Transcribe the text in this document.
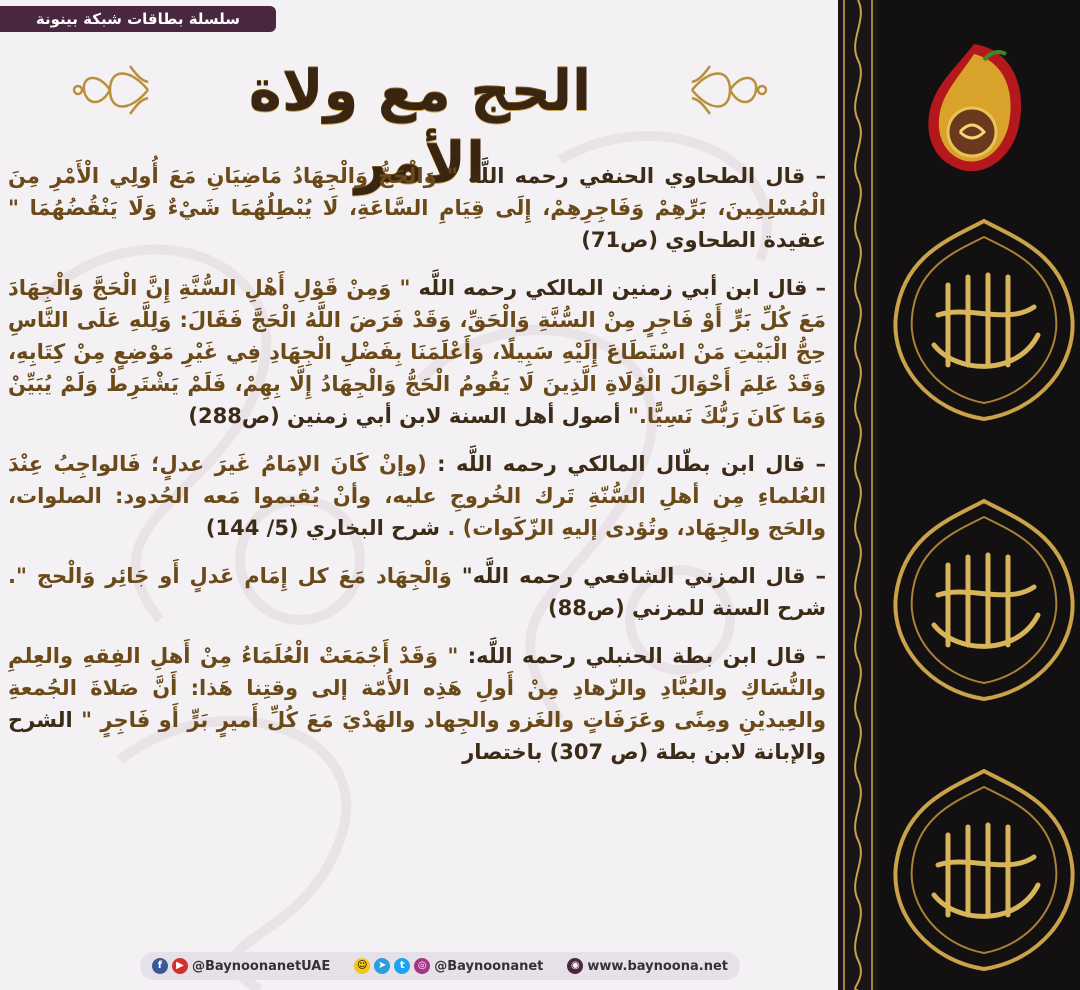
سلسلة بطاقات شبكة بينونة
الحج مع ولاة الأمر

– قال الطحاوي الحنفي رحمه اللَّه " وَالْحَجُّ وَالْجِهَادُ مَاضِيَانِ مَعَ أُولِي الْأَمْرِ مِنَ الْمُسْلِمِينَ، بَرِّهِمْ وَفَاجِرِهِمْ، إِلَى قِيَامِ السَّاعَةِ، لَا يُبْطِلُهُمَا شَيْءٌ وَلَا يَنْقُضُهُمَا " عقيدة الطحاوي (ص71)

– قال ابن أبي زمنين المالكي رحمه اللَّه " وَمِنْ قَوْلِ أَهْلِ السُّنَّةِ إِنَّ الْحَجَّ وَالْجِهَادَ مَعَ كُلِّ بَرٍّ أَوْ فَاجِرٍ مِنْ السُّنَّةِ وَالْحَقِّ، وَقَدْ فَرَضَ اللَّهُ الْحَجَّ فَقَالَ: وَلِلَّهِ عَلَى النَّاسِ حِجُّ الْبَيْتِ مَنْ اسْتَطَاعَ إِلَيْهِ سَبِيلًا، وَأَعْلَمَنَا بِفَضْلِ الْجِهَادِ فِي غَيْرِ مَوْضِعٍ مِنْ كِتَابِهِ، وَقَدْ عَلِمَ أَحْوَالَ الْوُلَاةِ الَّذِينَ لَا يَقُومُ الْحَجُّ وَالْجِهَادُ إِلَّا بِهِمْ، فَلَمْ يَشْتَرِطْ وَلَمْ يُبَيِّنْ وَمَا كَانَ رَبُّكَ نَسِيًّا." أصول أهل السنة لابن أبي زمنين (ص288)

– قال ابن بطّال المالكي رحمه اللَّه : (وإنْ كَانَ الإمَامُ غَيرَ عدلٍ؛ فَالواجِبُ عِنْدَ العُلماءِ مِن أهلِ السُّنّةِ تَرك الخُروجِ عليه، وأنْ يُقيموا مَعه الحُدود: الصلوات، والحَج والجِهَاد، وتُؤدى إليهِ الزّكَوات) . شرح البخاري (5/ 144)

– قال المزني الشافعي رحمه اللَّه" وَالْجِهَاد مَعَ كل إِمَام عَدلٍ أَو جَائِر وَالْحج ". شرح السنة للمزني (ص88)

– قال ابن بطة الحنبلي رحمه اللَّه: " وَقَدْ أَجْمَعَتْ الْعُلَمَاءُ مِنْ أَهلِ الفِقهِ والعِلمِ والنُّسَاكِ والعُبَّادِ والزّهادِ مِنْ أَولِ هَذِه الأُمّة إلى وقتِنا هَذا: أَنَّ صَلاةَ الجُمعةِ والعِيديْنِ ومِنًى وعَرَفَاتٍ والغَزو والجِهاد والهَدْيَ مَعَ كُلِّ أَميرٍ بَرٍّ أَو فَاجِرٍ " الشرح والإبانة لابن بطة (ص 307) باختصار

f	▶ @BaynoonanetUAE	☺	➤	t	◎ @Baynoonanet	◉ www.baynoona.net
